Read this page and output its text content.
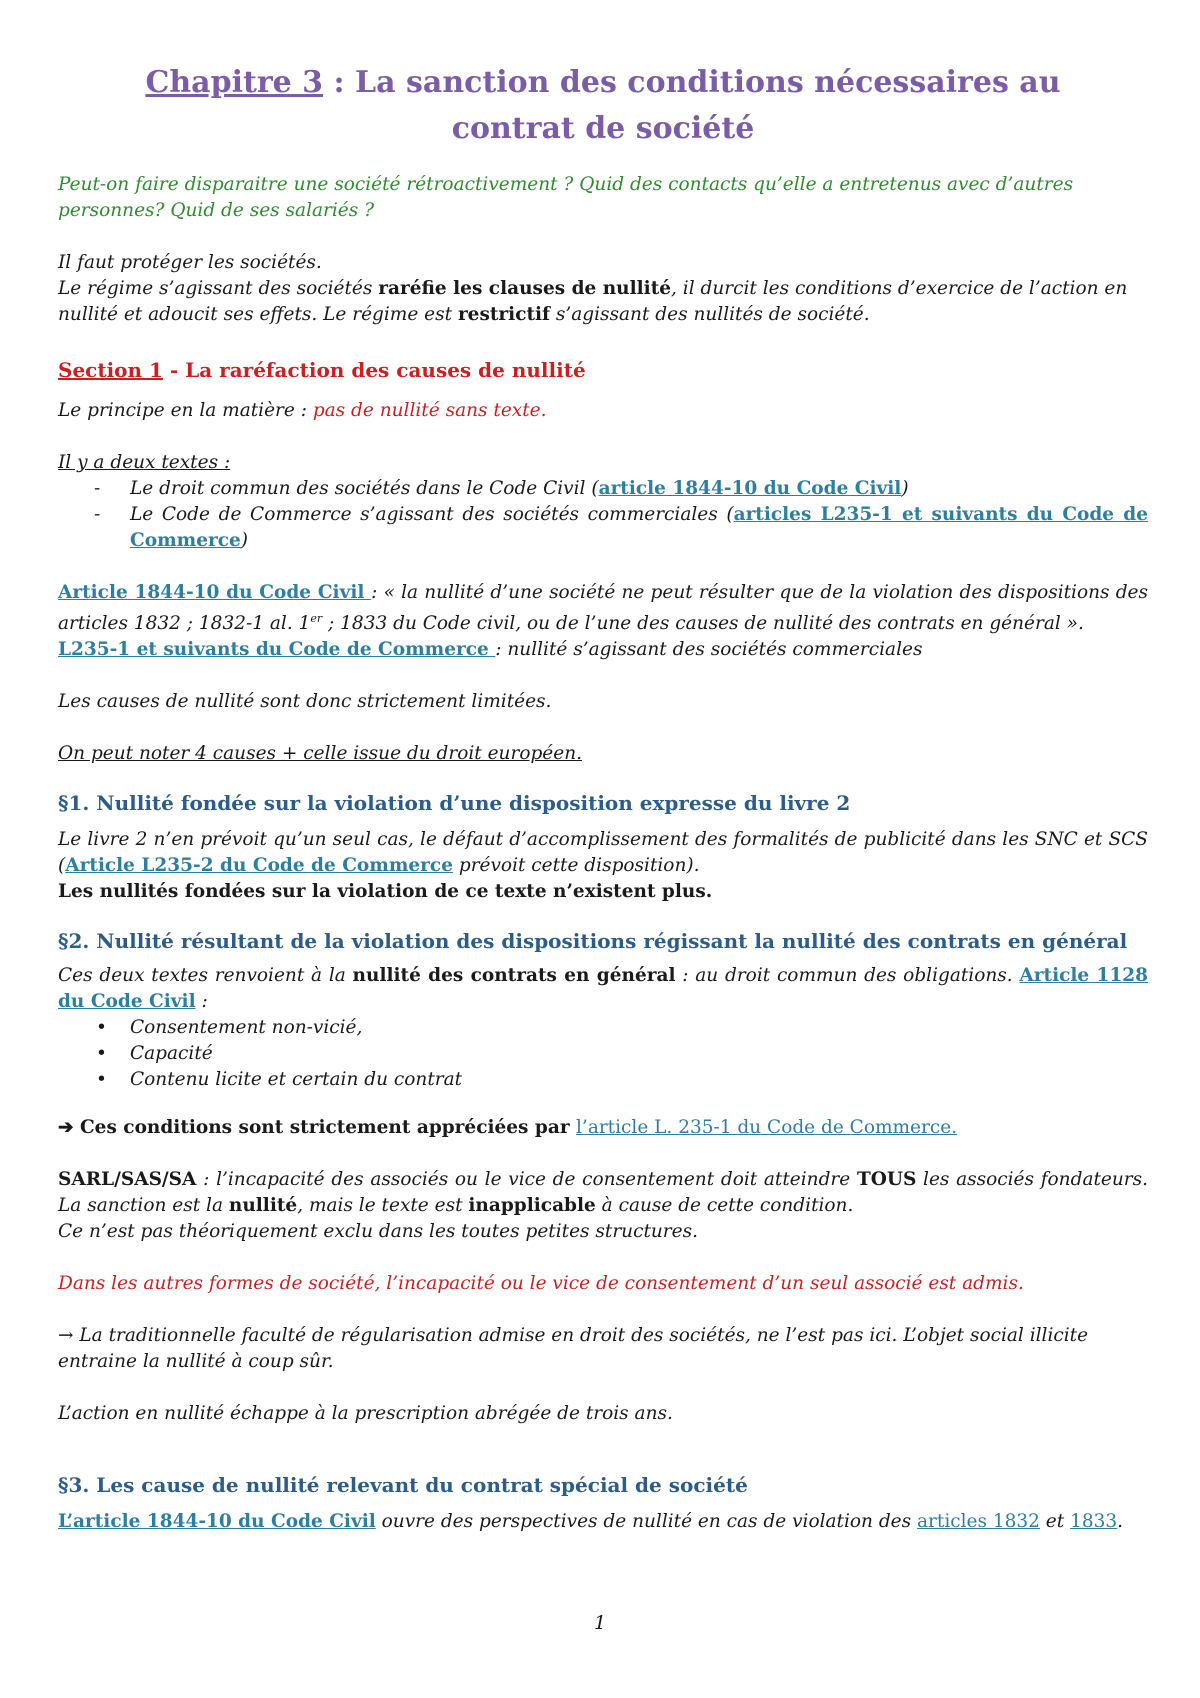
Chapitre 3 : La sanction des conditions nécessaires au contrat de société

Peut-on faire disparaitre une société rétroactivement ? Quid des contacts qu’elle a entretenus avec d’autres personnes? Quid de ses salariés ?

Il faut protéger les sociétés.

Le régime s’agissant des sociétés raréfie les clauses de nullité, il durcit les conditions d’exercice de l’action en nullité et adoucit ses effets. Le régime est restrictif s’agissant des nullités de société.

Section 1 - La raréfaction des causes de nullité

Le principe en la matière : pas de nullité sans texte.

Il y a deux textes :

- Le droit commun des sociétés dans le Code Civil (article 1844-10 du Code Civil)
- Le Code de Commerce s’agissant des sociétés commerciales (articles L235-1 et suivants du Code de Commerce)

Article 1844-10 du Code Civil : « la nullité d’une société ne peut résulter que de la violation des dispositions des articles 1832 ; 1832-1 al. 1er ; 1833 du Code civil, ou de l’une des causes de nullité des contrats en général ».

L235-1 et suivants du Code de Commerce : nullité s’agissant des sociétés commerciales

Les causes de nullité sont donc strictement limitées.

On peut noter 4 causes + celle issue du droit européen.

§1. Nullité fondée sur la violation d’une disposition expresse du livre 2

Le livre 2 n’en prévoit qu’un seul cas, le défaut d’accomplissement des formalités de publicité dans les SNC et SCS (Article L235-2 du Code de Commerce prévoit cette disposition).

Les nullités fondées sur la violation de ce texte n’existent plus.

§2. Nullité résultant de la violation des dispositions régissant la nullité des contrats en général

Ces deux textes renvoient à la nullité des contrats en général : au droit commun des obligations. Article 1128 du Code Civil :

• Consentement non-vicié,
• Capacité
• Contenu licite et certain du contrat

➔ Ces conditions sont strictement appréciées par l’article L. 235-1 du Code de Commerce.

SARL/SAS/SA : l’incapacité des associés ou le vice de consentement doit atteindre TOUS les associés fondateurs. La sanction est la nullité, mais le texte est inapplicable à cause de cette condition.

Ce n’est pas théoriquement exclu dans les toutes petites structures.

Dans les autres formes de société, l’incapacité ou le vice de consentement d’un seul associé est admis.

→ La traditionnelle faculté de régularisation admise en droit des sociétés, ne l’est pas ici. L’objet social illicite entraine la nullité à coup sûr.

L’action en nullité échappe à la prescription abrégée de trois ans.

§3. Les cause de nullité relevant du contrat spécial de société

L’article 1844-10 du Code Civil ouvre des perspectives de nullité en cas de violation des articles 1832 et 1833.

1
